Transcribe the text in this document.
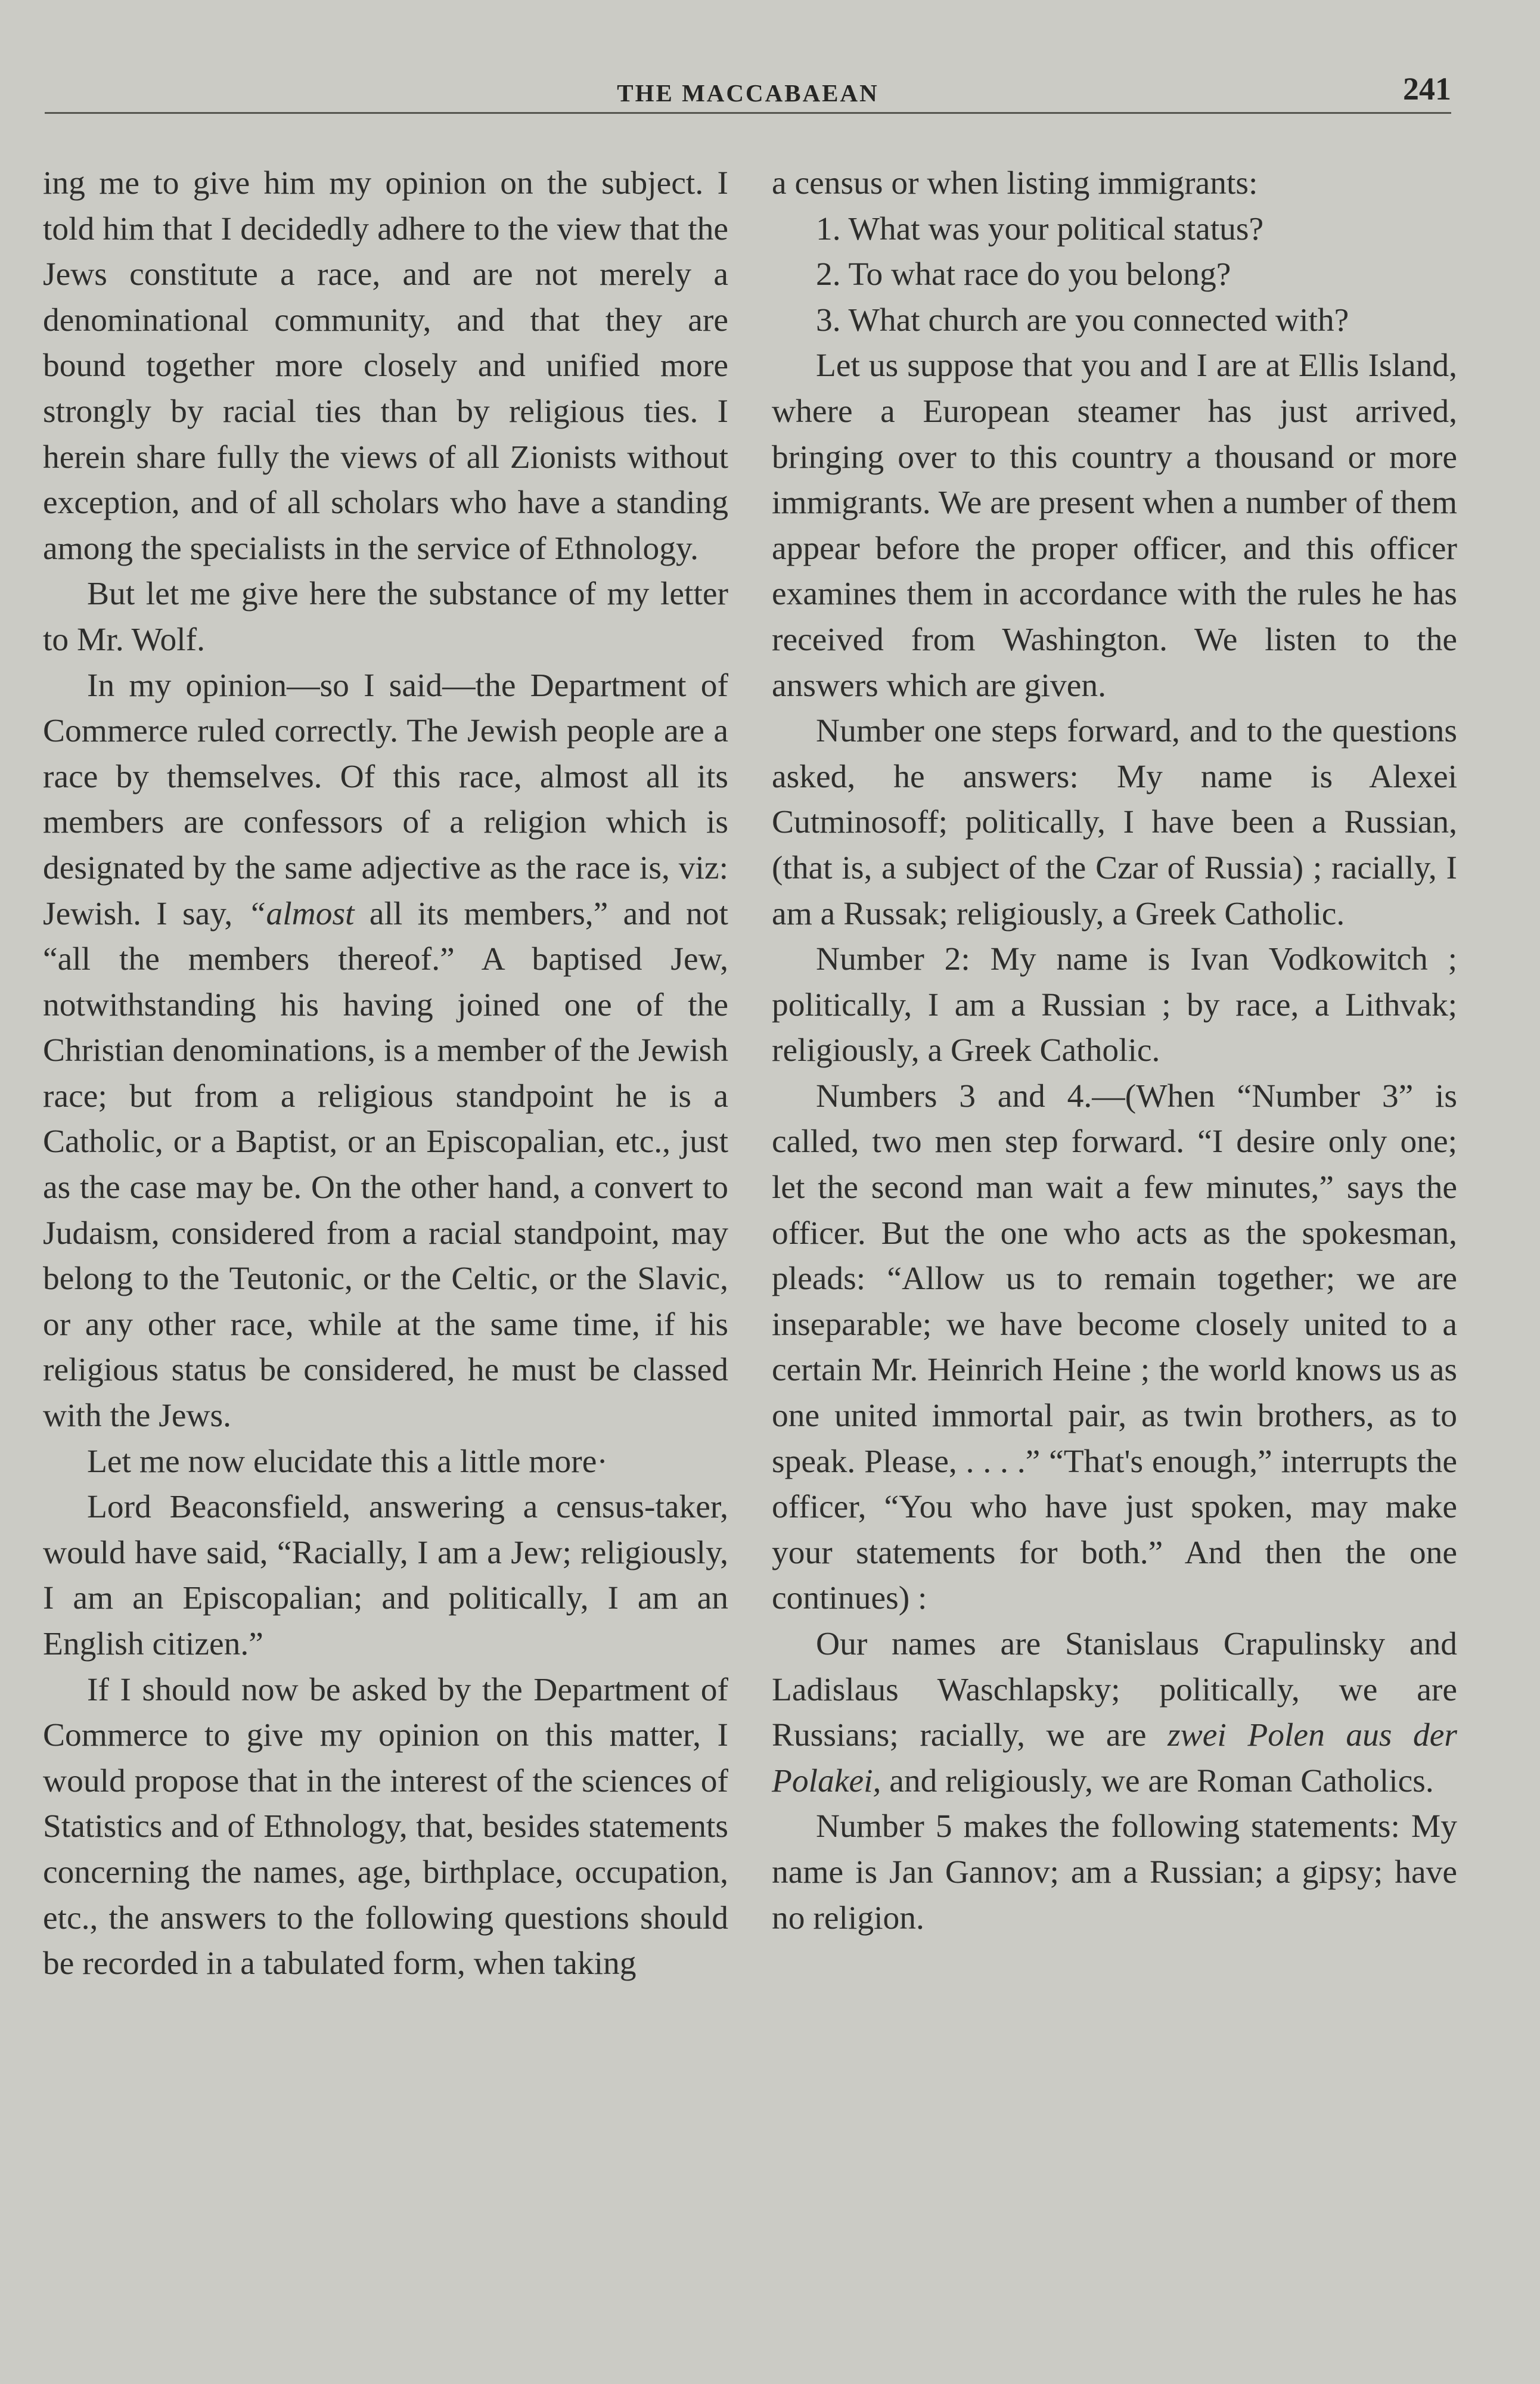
THE MACCABAEAN	241

ing me to give him my opinion on the subject. I told him that I decidedly adhere to the view that the Jews constitute a race, and are not merely a denominational community, and that they are bound together more closely and unified more strongly by racial ties than by religious ties. I herein share fully the views of all Zionists without exception, and of all scholars who have a standing among the specialists in the service of Ethnology.

But let me give here the substance of my letter to Mr. Wolf.

In my opinion—so I said—the Department of Commerce ruled correctly. The Jewish people are a race by themselves. Of this race, almost all its members are confessors of a religion which is designated by the same adjective as the race is, viz: Jewish. I say, “almost all its members,” and not “all the members thereof.” A baptised Jew, notwithstanding his having joined one of the Christian denominations, is a member of the Jewish race; but from a religious standpoint he is a Catholic, or a Baptist, or an Episcopalian, etc., just as the case may be. On the other hand, a convert to Judaism, considered from a racial standpoint, may belong to the Teutonic, or the Celtic, or the Slavic, or any other race, while at the same time, if his religious status be considered, he must be classed with the Jews.

Let me now elucidate this a little more·

Lord Beaconsfield, answering a census-taker, would have said, “Racially, I am a Jew; religiously, I am an Episcopalian; and politically, I am an English citizen.”

If I should now be asked by the Department of Commerce to give my opinion on this matter, I would propose that in the interest of the sciences of Statistics and of Ethnology, that, besides statements concerning the names, age, birthplace, occupation, etc., the answers to the following questions should be recorded in a tabulated form, when taking

a census or when listing immigrants:

1. What was your political status?
2. To what race do you belong?
3. What church are you connected with?

Let us suppose that you and I are at Ellis Island, where a European steamer has just arrived, bringing over to this country a thousand or more immigrants. We are present when a number of them appear before the proper officer, and this officer examines them in accordance with the rules he has received from Washington. We listen to the answers which are given.

Number one steps forward, and to the questions asked, he answers: My name is Alexei Cutminosoff; politically, I have been a Russian, (that is, a subject of the Czar of Russia) ; racially, I am a Russak; religiously, a Greek Catholic.

Number 2: My name is Ivan Vodkowitch ; politically, I am a Russian ; by race, a Lithvak; religiously, a Greek Catholic.

Numbers 3 and 4.—(When “Number 3” is called, two men step forward. “I desire only one; let the second man wait a few minutes,” says the officer. But the one who acts as the spokesman, pleads: “Allow us to remain together; we are inseparable; we have become closely united to a certain Mr. Heinrich Heine ; the world knows us as one united immortal pair, as twin brothers, as to speak. Please, . . . .” “That's enough,” interrupts the officer, “You who have just spoken, may make your statements for both.” And then the one continues) :

Our names are Stanislaus Crapulinsky and Ladislaus Waschlapsky; politically, we are Russians; racially, we are zwei Polen aus der Polakei, and religiously, we are Roman Catholics.

Number 5 makes the following statements: My name is Jan Gannov; am a Russian; a gipsy; have no religion.
